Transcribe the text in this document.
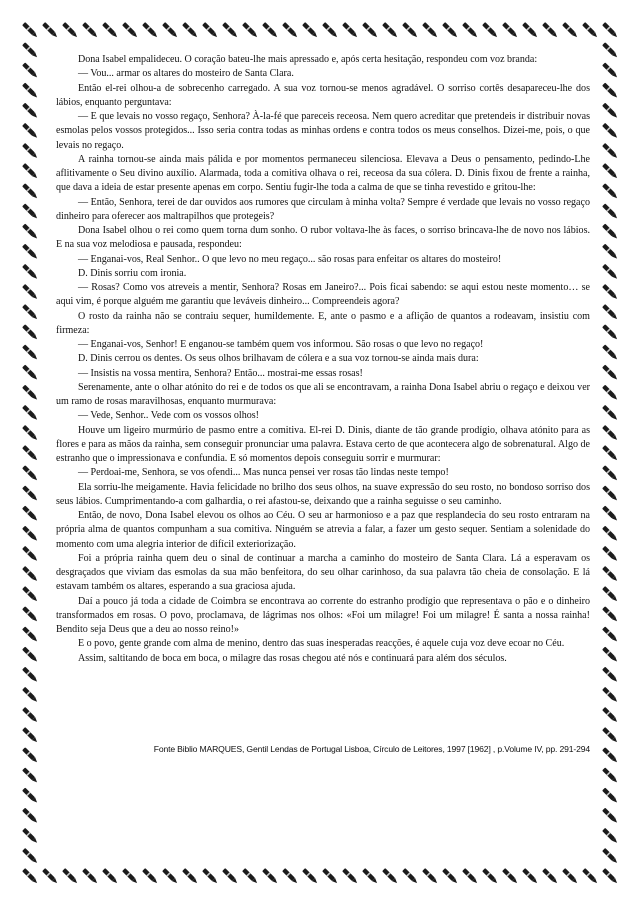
Dona Isabel empalideceu. O coração bateu-lhe mais apressado e, após certa hesitação, respondeu com voz branda:

— Vou... armar os altares do mosteiro de Santa Clara.

Então el-rei olhou-a de sobrecenho carregado. A sua voz tornou-se menos agradável. O sorriso cortês desapareceu-lhe dos lábios, enquanto perguntava:

— E que levais no vosso regaço, Senhora? À-la-fé que pareceis receosa. Nem quero acreditar que pretendeis ir distribuir novas esmolas pelos vossos protegidos... Isso seria contra todas as minhas ordens e contra todos os meus conselhos. Dizei-me, pois, o que levais no regaço.

A rainha tornou-se ainda mais pálida e por momentos permaneceu silenciosa. Elevava a Deus o pensamento, pedindo-Lhe aflitivamente o Seu divino auxílio. Alarmada, toda a comitiva olhava o rei, receosa da sua cólera. D. Dinis fixou de frente a rainha, que dava a ideia de estar presente apenas em corpo. Sentiu fugir-lhe toda a calma de que se tinha revestido e gritou-lhe:

— Então, Senhora, terei de dar ouvidos aos rumores que circulam à minha volta? Sempre é verdade que levais no vosso regaço dinheiro para oferecer aos maltrapilhos que protegeis?

Dona Isabel olhou o rei como quem torna dum sonho. O rubor voltava-lhe às faces, o sorriso brincava-lhe de novo nos lábios. E na sua voz melodiosa e pausada, respondeu:

— Enganai-vos, Real Senhor.. O que levo no meu regaço... são rosas para enfeitar os altares do mosteiro!

D. Dinis sorriu com ironia.

— Rosas? Como vos atreveis a mentir, Senhora? Rosas em Janeiro?... Pois ficai sabendo: se aqui estou neste momento… se aqui vim, é porque alguém me garantiu que leváveis dinheiro... Compreendeis agora?

O rosto da rainha não se contraiu sequer, humildemente. E, ante o pasmo e a aflição de quantos a rodeavam, insistiu com firmeza:

— Enganai-vos, Senhor! E enganou-se também quem vos informou. São rosas o que levo no regaço!

D. Dinis cerrou os dentes. Os seus olhos brilhavam de cólera e a sua voz tornou-se ainda mais dura:

— Insistis na vossa mentira, Senhora? Então... mostrai-me essas rosas!

Serenamente, ante o olhar atónito do rei e de todos os que ali se encontravam, a rainha Dona Isabel abriu o regaço e deixou ver um ramo de rosas maravilhosas, enquanto murmurava:

— Vede, Senhor.. Vede com os vossos olhos!

Houve um ligeiro murmúrio de pasmo entre a comitiva. El-rei D. Dinis, diante de tão grande prodígio, olhava atónito para as flores e para as mãos da rainha, sem conseguir pronunciar uma palavra. Estava certo de que acontecera algo de sobrenatural. Algo de estranho que o impressionava e confundia. E só momentos depois conseguiu sorrir e murmurar:

— Perdoai-me, Senhora, se vos ofendi... Mas nunca pensei ver rosas tão lindas neste tempo!

Ela sorriu-lhe meigamente. Havia felicidade no brilho dos seus olhos, na suave expressão do seu rosto, no bondoso sorriso dos seus lábios. Cumprimentando-a com galhardia, o rei afastou-se, deixando que a rainha seguisse o seu caminho.

Então, de novo, Dona Isabel elevou os olhos ao Céu. O seu ar harmonioso e a paz que resplandecia do seu rosto entraram na própria alma de quantos compunham a sua comitiva. Ninguém se atrevia a falar, a fazer um gesto sequer. Sentiam a solenidade do momento com uma alegria interior de difícil exteriorização.

Foi a própria rainha quem deu o sinal de continuar a marcha a caminho do mosteiro de Santa Clara. Lá a esperavam os desgraçados que viviam das esmolas da sua mão benfeitora, do seu olhar carinhoso, da sua palavra tão cheia de consolação. E lá estavam também os altares, esperando a sua graciosa ajuda.

Daí a pouco já toda a cidade de Coimbra se encontrava ao corrente do estranho prodígio que representava o pão e o dinheiro transformados em rosas. O povo, proclamava, de lágrimas nos olhos: «Foi um milagre! Foi um milagre! É santa a nossa rainha! Bendito seja Deus que a deu ao nosso reino!»

E o povo, gente grande com alma de menino, dentro das suas inesperadas reacções, é aquele cuja voz deve ecoar no Céu.

Assim, saltitando de boca em boca, o milagre das rosas chegou até nós e continuará para além dos séculos.

Fonte Biblio MARQUES, Gentil Lendas de Portugal Lisboa, Círculo de Leitores, 1997 [1962] , p.Volume IV, pp. 291-294
